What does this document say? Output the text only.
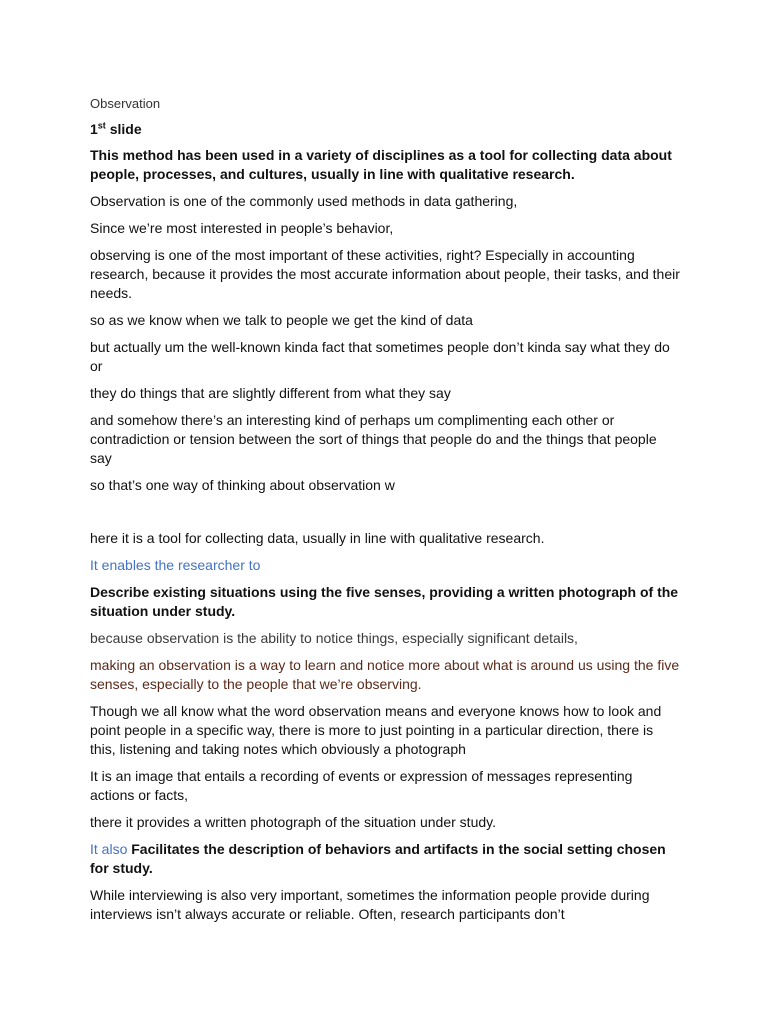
Observation
1st slide

This method has been used in a variety of disciplines as a tool for collecting data about people, processes, and cultures, usually in line with qualitative research.

Observation is one of the commonly used methods in data gathering,

Since we’re most interested in people’s behavior,

observing is one of the most important of these activities, right? Especially in accounting research, because it provides the most accurate information about people, their tasks, and their needs.

so as we know when we talk to people we get the kind of data

but actually um the well-known kinda fact that sometimes people don’t kinda say what they do or

they do things that are slightly different from what they say

and somehow there’s an interesting kind of perhaps um complimenting each other or contradiction or tension between the sort of things that people do and the things that people say

so that’s one way of thinking about observation w

here it is a tool for collecting data, usually in line with qualitative research.

It enables the researcher to

Describe existing situations using the five senses, providing a written photograph of the situation under study.

because observation is the ability to notice things, especially significant details,

making an observation is a way to learn and notice more about what is around us using the five senses, especially to the people that we’re observing.

Though we all know what the word observation means and everyone knows how to look and point people in a specific way, there is more to just pointing in a particular direction, there is this, listening and taking notes which obviously a photograph

It is an image that entails a recording of events or expression of messages representing actions or facts,

there it provides a written photograph of the situation under study.

It also Facilitates the description of behaviors and artifacts in the social setting chosen for study.

While interviewing is also very important, sometimes the information people provide during interviews isn’t always accurate or reliable. Often, research participants don’t
